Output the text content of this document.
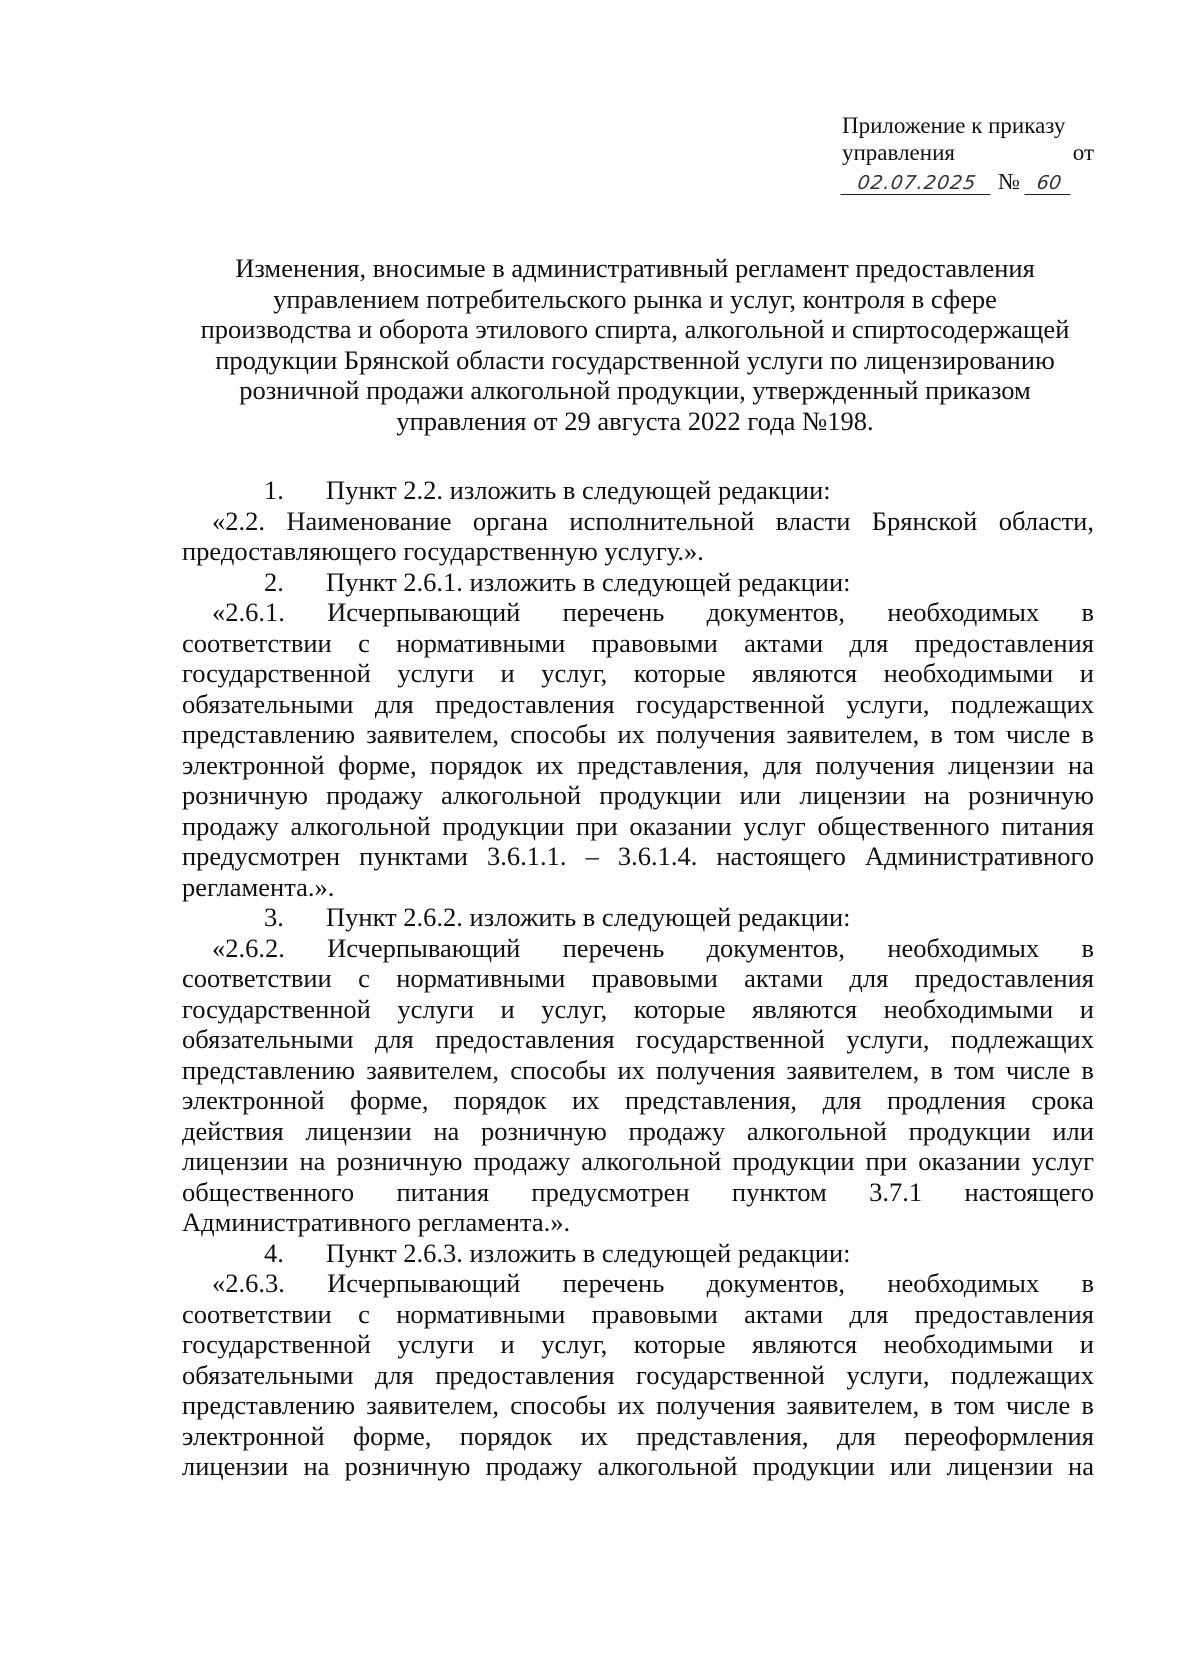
Приложение к приказу
управления	от
02.07.2025 № 60
Изменения, вносимые в административный регламент предоставления
управлением потребительского рынка и услуг, контроля в сфере
производства и оборота этилового спирта, алкогольной и спиртосодержащей
продукции Брянской области государственной услуги по лицензированию
розничной продажи алкогольной продукции, утвержденный приказом
управления от 29 августа 2022 года №198.
1. Пункт 2.2. изложить в следующей редакции:
«2.2. Наименование органа исполнительной власти Брянской области,
предоставляющего государственную услугу.».
2. Пункт 2.6.1. изложить в следующей редакции:
«2.6.1. Исчерпывающий перечень документов, необходимых в
соответствии с нормативными правовыми актами для предоставления
государственной услуги и услуг, которые являются необходимыми и
обязательными для предоставления государственной услуги, подлежащих
представлению заявителем, способы их получения заявителем, в том числе в
электронной форме, порядок их представления, для получения лицензии на
розничную продажу алкогольной продукции или лицензии на розничную
продажу алкогольной продукции при оказании услуг общественного питания
предусмотрен пунктами 3.6.1.1. – 3.6.1.4. настоящего Административного
регламента.».
3. Пункт 2.6.2. изложить в следующей редакции:
«2.6.2. Исчерпывающий перечень документов, необходимых в
соответствии с нормативными правовыми актами для предоставления
государственной услуги и услуг, которые являются необходимыми и
обязательными для предоставления государственной услуги, подлежащих
представлению заявителем, способы их получения заявителем, в том числе в
электронной форме, порядок их представления, для продления срока
действия лицензии на розничную продажу алкогольной продукции или
лицензии на розничную продажу алкогольной продукции при оказании услуг
общественного питания предусмотрен пунктом 3.7.1 настоящего
Административного регламента.».
4. Пункт 2.6.3. изложить в следующей редакции:
«2.6.3. Исчерпывающий перечень документов, необходимых в
соответствии с нормативными правовыми актами для предоставления
государственной услуги и услуг, которые являются необходимыми и
обязательными для предоставления государственной услуги, подлежащих
представлению заявителем, способы их получения заявителем, в том числе в
электронной форме, порядок их представления, для переоформления
лицензии на розничную продажу алкогольной продукции или лицензии на
